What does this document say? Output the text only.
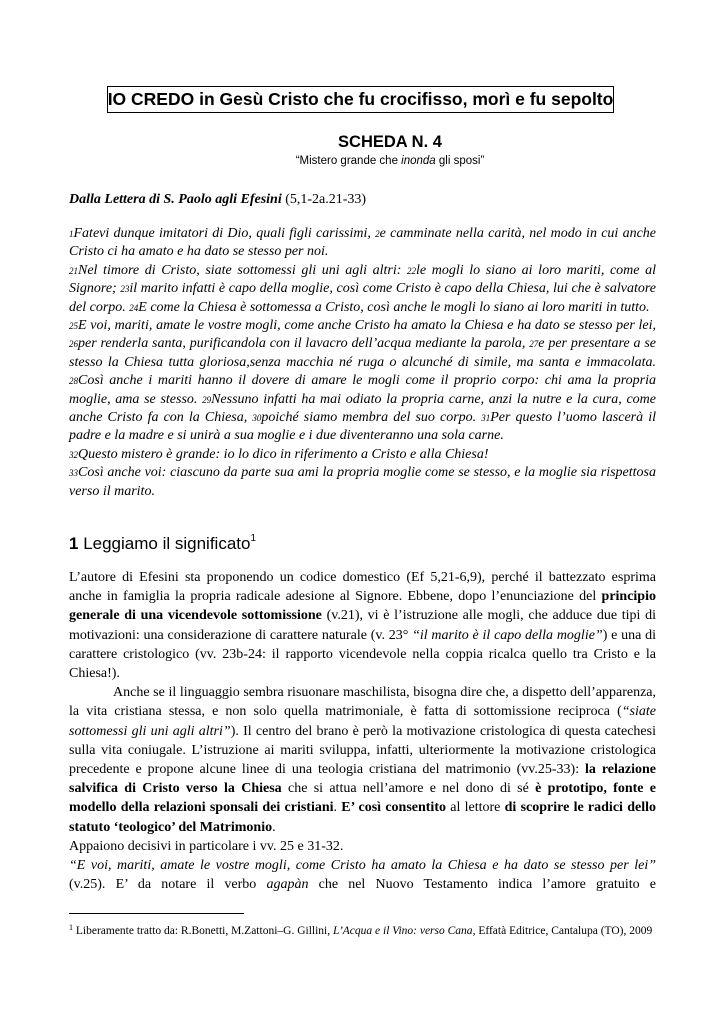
IO CREDO in Gesù Cristo che fu crocifisso, morì e fu sepolto
SCHEDA N. 4
“Mistero grande che inonda gli sposi”
Dalla Lettera di S. Paolo agli Efesini (5,1-2a.21-33)
1Fatevi dunque imitatori di Dio, quali figli carissimi, 2e camminate nella carità, nel modo in cui anche Cristo ci ha amato e ha dato se stesso per noi.
21Nel timore di Cristo, siate sottomessi gli uni agli altri: 22le mogli lo siano ai loro mariti, come al Signore; 23il marito infatti è capo della moglie, così come Cristo è capo della Chiesa, lui che è salvatore del corpo. 24E come la Chiesa è sottomessa a Cristo, così anche le mogli lo siano ai loro mariti in tutto.
25E voi, mariti, amate le vostre mogli, come anche Cristo ha amato la Chiesa e ha dato se stesso per lei, 26per renderla santa, purificandola con il lavacro dell’acqua mediante la parola, 27e per presentare a se stesso la Chiesa tutta gloriosa,senza macchia né ruga o alcunché di simile, ma santa e immacolata. 28Così anche i mariti hanno il dovere di amare le mogli come il proprio corpo: chi ama la propria moglie, ama se stesso. 29Nessuno infatti ha mai odiato la propria carne, anzi la nutre e la cura, come anche Cristo fa con la Chiesa, 30poiché siamo membra del suo corpo. 31Per questo l’uomo lascerà il padre e la madre e si unirà a sua moglie e i due diventeranno una sola carne.
32Questo mistero è grande: io lo dico in riferimento a Cristo e alla Chiesa!
33Così anche voi: ciascuno da parte sua ami la propria moglie come se stesso, e la moglie sia rispettosa verso il marito.
1 Leggiamo il significato$^1$

L’autore di Efesini sta proponendo un codice domestico (Ef 5,21-6,9), perché il battezzato esprima anche in famiglia la propria radicale adesione al Signore. Ebbene, dopo l’enunciazione del principio generale di una vicendevole sottomissione (v.21), vi è l’istruzione alle mogli, che adduce due tipi di motivazioni: una considerazione di carattere naturale (v. 23° “il marito è il capo della moglie”) e una di carattere cristologico (vv. 23b-24: il rapporto vicendevole nella coppia ricalca quello tra Cristo e la Chiesa!).

Anche se il linguaggio sembra risuonare maschilista, bisogna dire che, a dispetto dell’apparenza, la vita cristiana stessa, e non solo quella matrimoniale, è fatta di sottomissione reciproca (“siate sottomessi gli uni agli altri”). Il centro del brano è però la motivazione cristologica di questa catechesi sulla vita coniugale. L’istruzione ai mariti sviluppa, infatti, ulteriormente la motivazione cristologica precedente e propone alcune linee di una teologia cristiana del matrimonio (vv.25-33): la relazione salvifica di Cristo verso la Chiesa che si attua nell’amore e nel dono di sé è prototipo, fonte e modello della relazioni sponsali dei cristiani. E’ così consentito al lettore di scoprire le radici dello statuto ‘teologico’ del Matrimonio.

Appaiono decisivi in particolare i vv. 25 e 31-32.

“E voi, mariti, amate le vostre mogli, come Cristo ha amato la Chiesa e ha dato se stesso per lei” (v.25). E’ da notare il verbo agapàn che nel Nuovo Testamento indica l’amore gratuito e

$^1$ Liberamente tratto da: R.Bonetti, M.Zattoni–G. Gillini, L’Acqua e il Vino: verso Cana, Effatà Editrice, Cantalupa (TO), 2009
